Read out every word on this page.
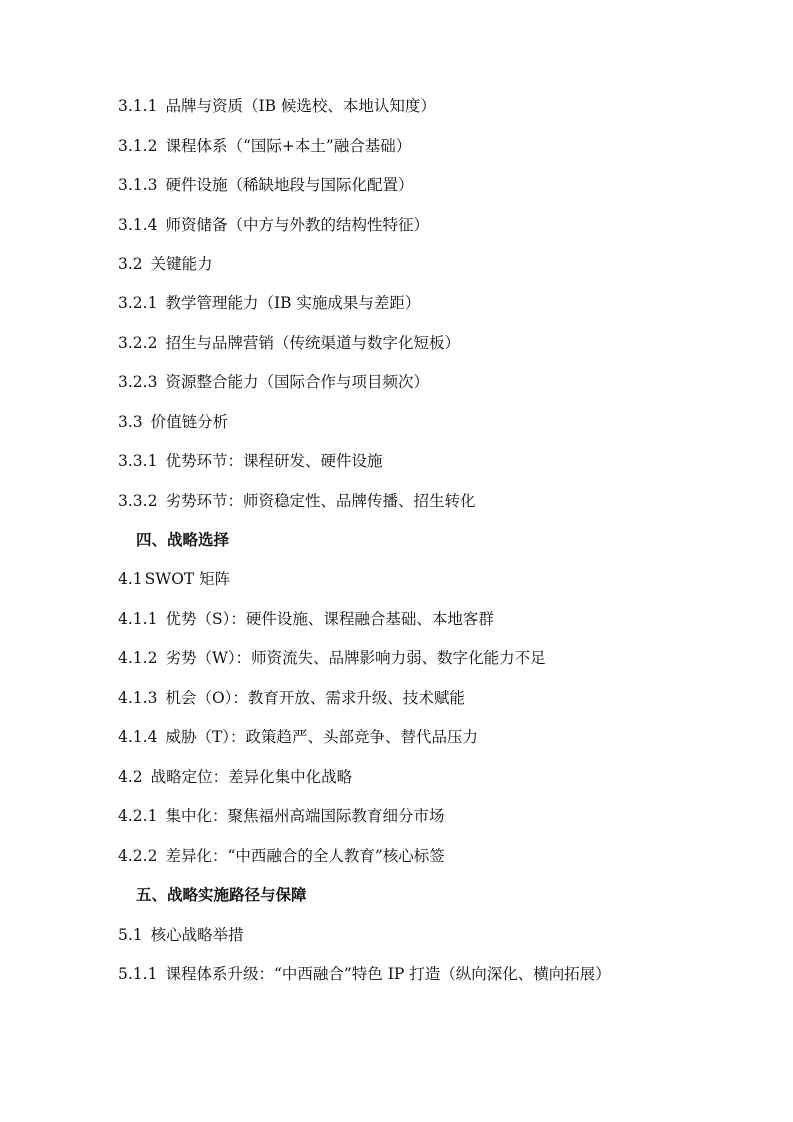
3.1.1 品牌与资质（IB 候选校、本地认知度）
3.1.2 课程体系（“国际+本土”融合基础）
3.1.3 硬件设施（稀缺地段与国际化配置）
3.1.4 师资储备（中方与外教的结构性特征）
3.2 关键能力
3.2.1 教学管理能力（IB 实施成果与差距）
3.2.2 招生与品牌营销（传统渠道与数字化短板）
3.2.3 资源整合能力（国际合作与项目频次）
3.3 价值链分析
3.3.1 优势环节：课程研发、硬件设施
3.3.2 劣势环节：师资稳定性、品牌传播、招生转化
四、战略选择
4.1 SWOT 矩阵
4.1.1 优势（S）：硬件设施、课程融合基础、本地客群
4.1.2 劣势（W）：师资流失、品牌影响力弱、数字化能力不足
4.1.3 机会（O）：教育开放、需求升级、技术赋能
4.1.4 威胁（T）：政策趋严、头部竞争、替代品压力
4.2 战略定位：差异化集中化战略
4.2.1 集中化：聚焦福州高端国际教育细分市场
4.2.2 差异化：“中西融合的全人教育”核心标签
五、战略实施路径与保障
5.1 核心战略举措
5.1.1 课程体系升级：“中西融合”特色 IP 打造（纵向深化、横向拓展）
